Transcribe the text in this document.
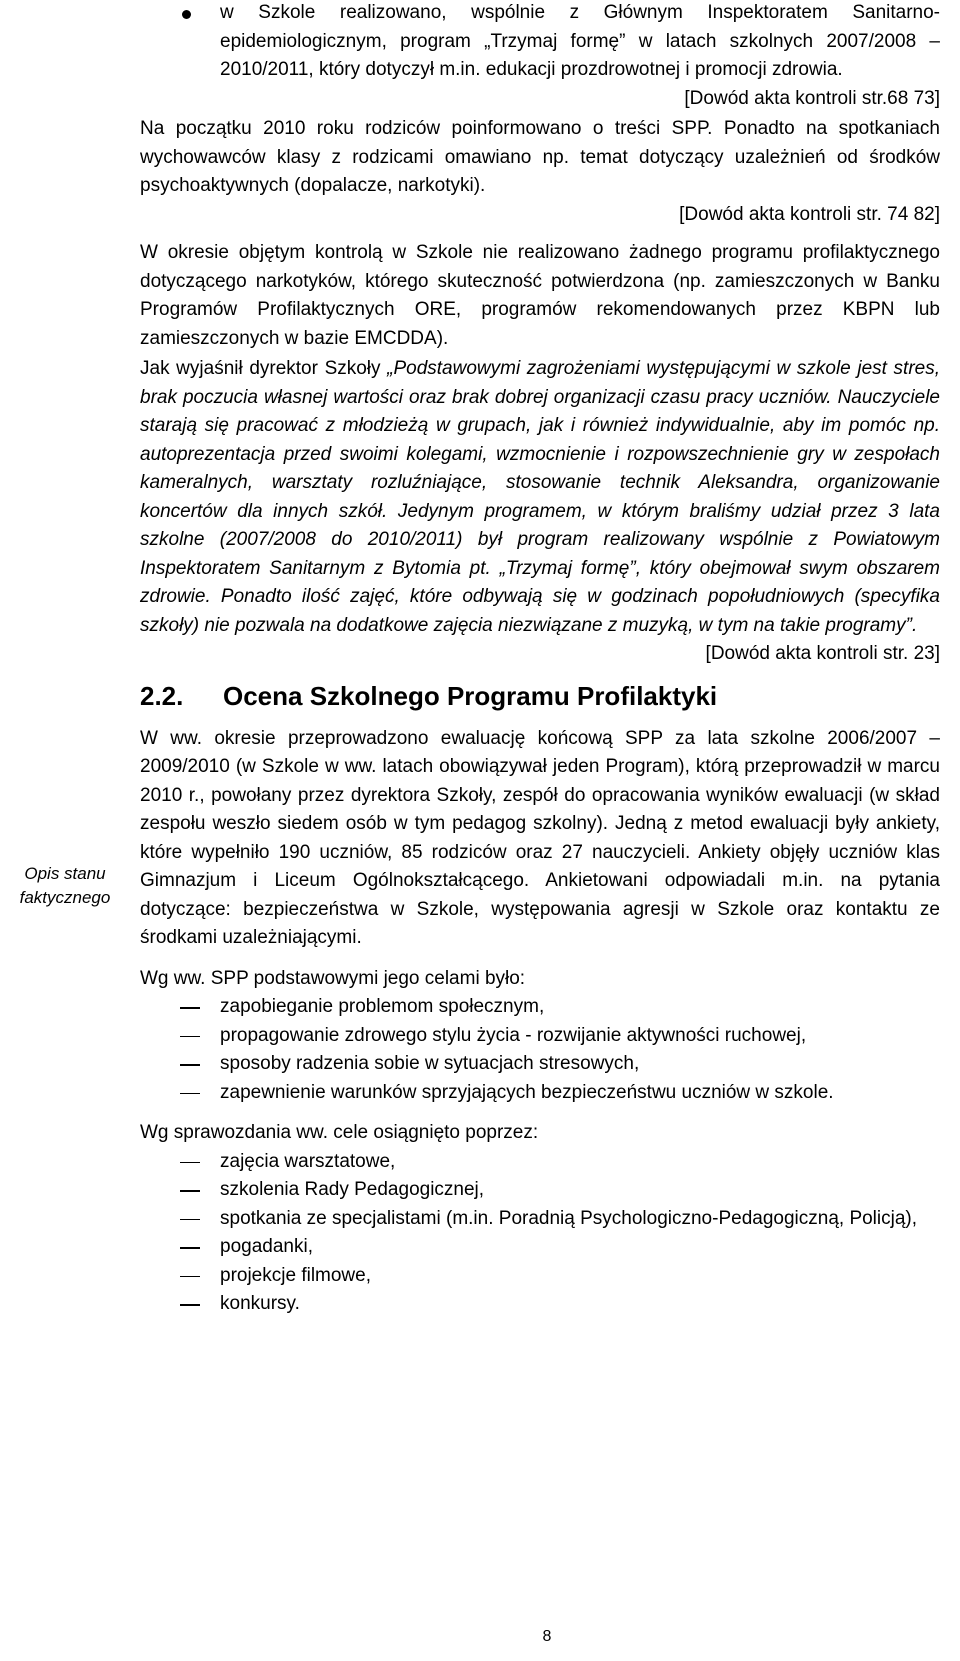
Opis stanu
faktycznego

w Szkole realizowano, wspólnie z Głównym Inspektoratem Sanitarno-epidemiologicznym, program „Trzymaj formę” w latach szkolnych 2007/2008 – 2010/2011, który dotyczył m.in. edukacji prozdrowotnej i promocji zdrowia.

[Dowód akta kontroli str.68 73]

Na początku 2010 roku rodziców poinformowano o treści SPP. Ponadto na spotkaniach wychowawców klasy z rodzicami omawiano np. temat dotyczący uzależnień od środków psychoaktywnych (dopalacze, narkotyki).

[Dowód akta kontroli str. 74 82]

W okresie objętym kontrolą w Szkole nie realizowano żadnego programu profilaktycznego dotyczącego narkotyków, którego skuteczność potwierdzona (np. zamieszczonych w Banku Programów Profilaktycznych ORE, programów rekomendowanych przez KBPN lub zamieszczonych w bazie EMCDDA).

Jak wyjaśnił dyrektor Szkoły „Podstawowymi zagrożeniami występującymi w szkole jest stres, brak poczucia własnej wartości oraz brak dobrej organizacji czasu pracy uczniów. Nauczyciele starają się pracować z młodzieżą w grupach, jak i również indywidualnie, aby im pomóc np. autoprezentacja przed swoimi kolegami, wzmocnienie i rozpowszechnienie gry w zespołach kameralnych, warsztaty rozluźniające, stosowanie technik Aleksandra, organizowanie koncertów dla innych szkół. Jedynym programem, w którym braliśmy udział przez 3 lata szkolne (2007/2008 do 2010/2011) był program realizowany wspólnie z Powiatowym Inspektoratem Sanitarnym z Bytomia pt. „Trzymaj formę”, który obejmował swym obszarem zdrowie. Ponadto ilość zajęć, które odbywają się w godzinach popołudniowych (specyfika szkoły) nie pozwala na dodatkowe zajęcia niezwiązane z muzyką, w tym na takie programy”.

[Dowód akta kontroli str. 23]
2.2.	Ocena Szkolnego Programu Profilaktyki

W ww. okresie przeprowadzono ewaluację końcową SPP za lata szkolne 2006/2007 –2009/2010 (w Szkole w ww. latach obowiązywał jeden Program), którą przeprowadził w marcu 2010 r., powołany przez dyrektora Szkoły, zespół do opracowania wyników ewaluacji (w skład zespołu weszło siedem osób w tym pedagog szkolny). Jedną z metod ewaluacji były ankiety, które wypełniło 190 uczniów, 85 rodziców oraz 27 nauczycieli. Ankiety objęły uczniów klas Gimnazjum i Liceum Ogólnokształcącego. Ankietowani odpowiadali m.in. na pytania dotyczące: bezpieczeństwa w Szkole, występowania agresji w Szkole oraz kontaktu ze środkami uzależniającymi.

Wg ww. SPP podstawowymi jego celami było:
zapobieganie problemom społecznym,
propagowanie zdrowego stylu życia - rozwijanie aktywności ruchowej,
sposoby radzenia sobie w sytuacjach stresowych,
zapewnienie warunków sprzyjających bezpieczeństwu uczniów w szkole.
Wg sprawozdania ww. cele osiągnięto poprzez:
zajęcia warsztatowe,
szkolenia Rady Pedagogicznej,
spotkania ze specjalistami (m.in. Poradnią Psychologiczno-Pedagogiczną, Policją),
pogadanki,
projekcje filmowe,
konkursy.
8
